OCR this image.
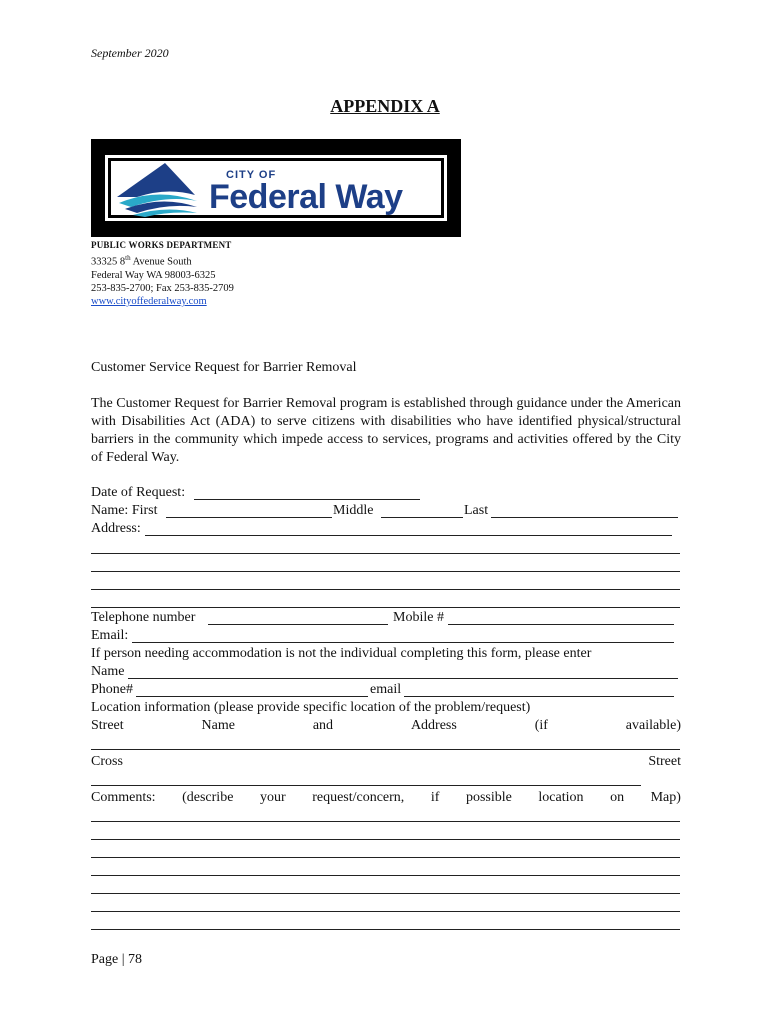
September 2020
APPENDIX A
CITY OF
Federal Way
PUBLIC WORKS DEPARTMENT
33325 8th Avenue South
Federal Way WA 98003-6325
253-835-2700; Fax 253-835-2709
www.cityoffederalway.com
Customer Service Request for Barrier Removal
The Customer Request for Barrier Removal program is established through guidance under the American with Disabilities Act (ADA) to serve citizens with disabilities who have identified physical/structural barriers in the community which impede access to services, programs and activities offered by the City of Federal Way.
Date of Request:
Name: First	Middle	Last
Address:
Telephone number	Mobile #
Email:
If person needing accommodation is not the individual completing this form, please enter
Name
Phone#	email
Location information (please provide specific location of the problem/request)
Street	Name	and	Address	(if	available)
Cross	Street
Comments: (describe your request/concern, if possible location on Map)
Page | 78
